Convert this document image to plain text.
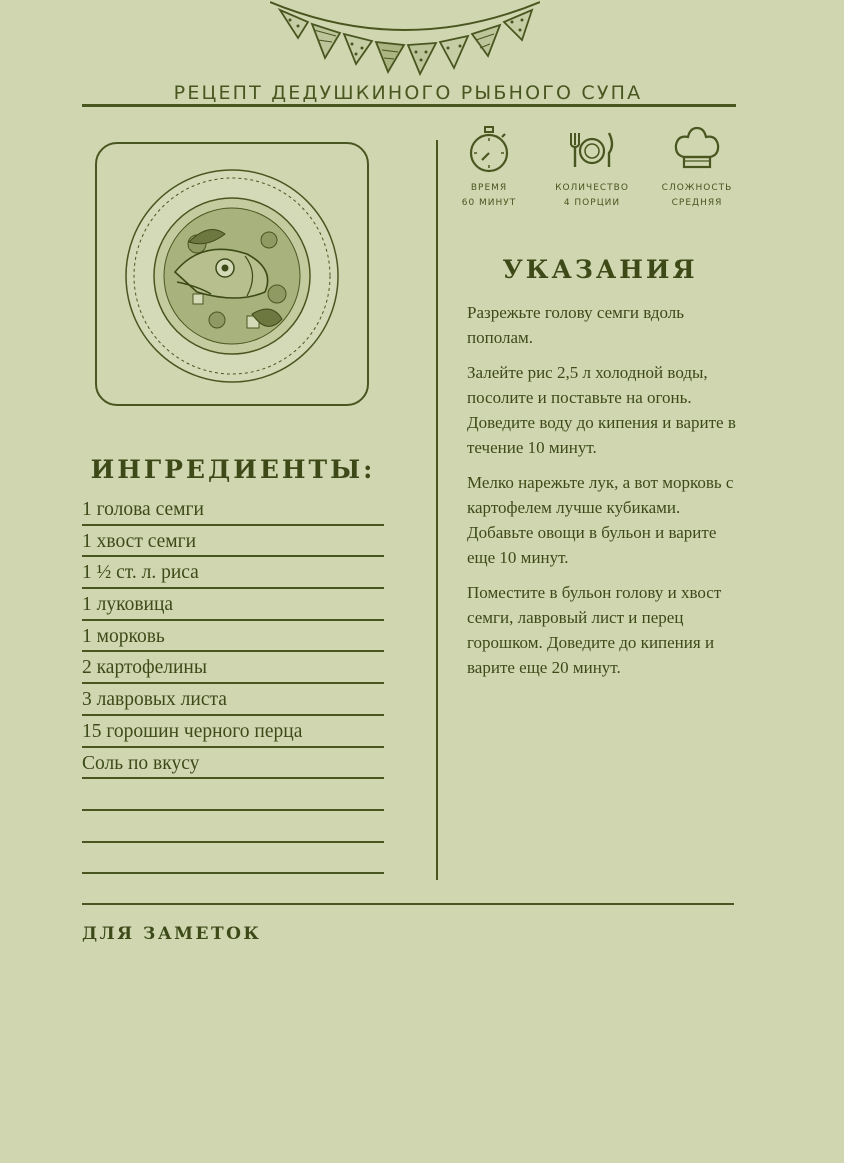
РЕЦЕПТ ДЕДУШКИНОГО РЫБНОГО СУПА
ИНГРЕДИЕНТЫ:
1 голова семги
1 хвост семги
1 ½ ст. л. риса
1 луковица
1 морковь
2 картофелины
3 лавровых листа
15 горошин черного перца
Соль по вкусу
ВРЕМЯ
60 МИНУТ
КОЛИЧЕСТВО
4 ПОРЦИИ
СЛОЖНОСТЬ
СРЕДНЯЯ
УКАЗАНИЯ

Разрежьте голову семги вдоль пополам.

Залейте рис 2,5 л холодной воды, посолите и поставьте на огонь. Доведите воду до кипения и варите в течение 10 минут.

Мелко нарежьте лук, а вот морковь с картофелем лучше кубиками. Добавьте овощи в бульон и варите еще 10 минут.

Поместите в бульон голову и хвост семги, лавровый лист и перец горошком. Доведите до кипения и варите еще 20 минут.

ДЛЯ ЗАМЕТОК
